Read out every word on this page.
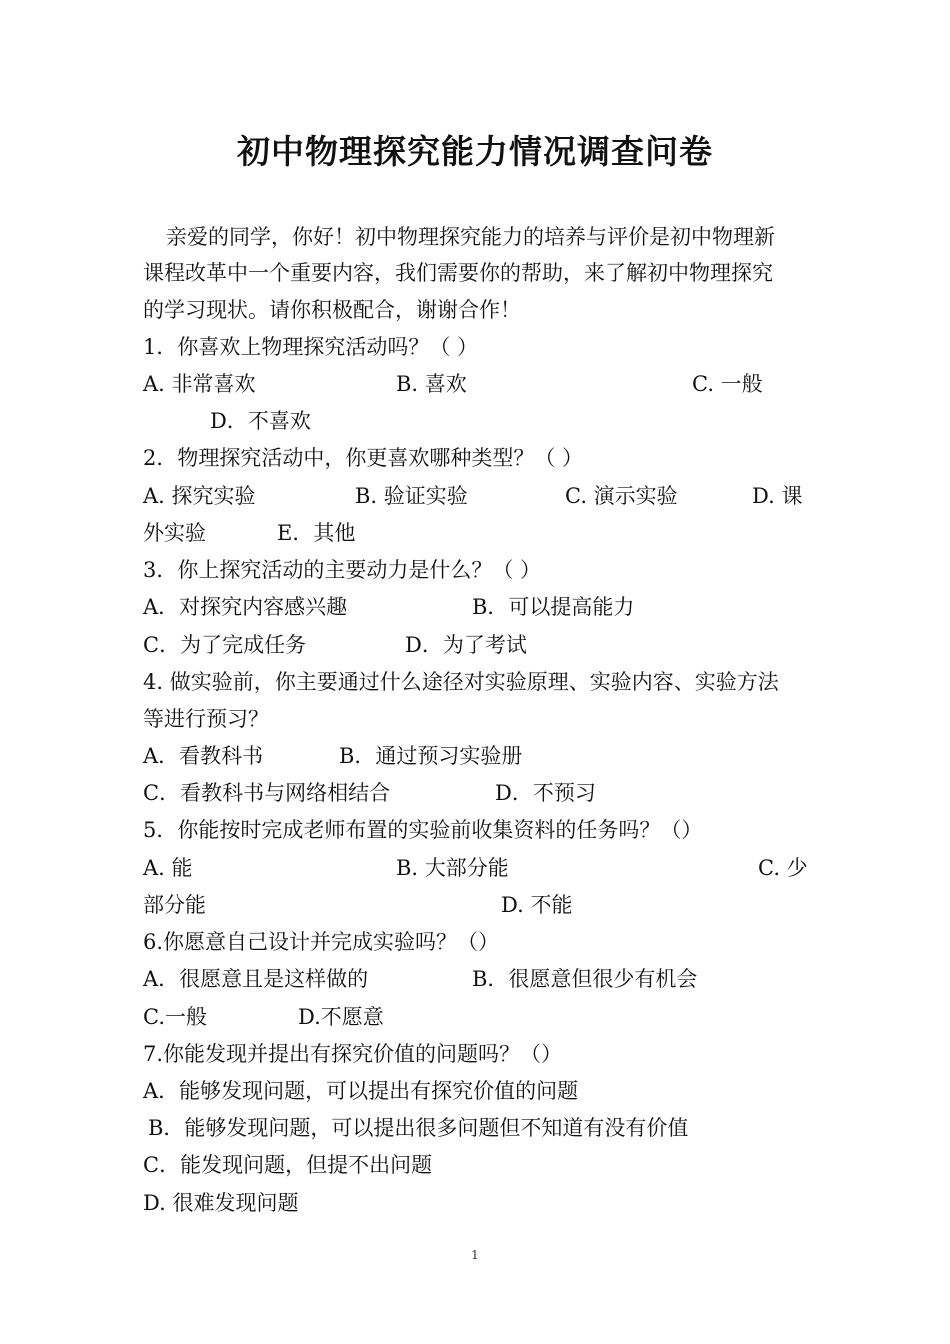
初中物理探究能力情况调查问卷
亲爱的同学，你好！初中物理探究能力的培养与评价是初中物理新
课程改革中一个重要内容，我们需要你的帮助，来了解初中物理探究
的学习现状。请你积极配合，谢谢合作！
1．你喜欢上物理探究活动吗？（ ）
A. 非常喜欢	B. 喜欢	C. 一般
D．不喜欢
2．物理探究活动中，你更喜欢哪种类型？（ ）
A. 探究实验	B. 验证实验	C. 演示实验	D. 课
外实验	E．其他
3．你上探究活动的主要动力是什么？（ ）
A．对探究内容感兴趣	B．可以提高能力
C．为了完成任务	D．为了考试
4. 做实验前，你主要通过什么途径对实验原理、实验内容、实验方法
等进行预习？
A．看教科书	B．通过预习实验册
C．看教科书与网络相结合	D．不预习
5．你能按时完成老师布置的实验前收集资料的任务吗？（）
A. 能	B. 大部分能	C. 少
部分能	D. 不能
6.你愿意自己设计并完成实验吗？（）
A．很愿意且是这样做的	B．很愿意但很少有机会
C.一般	D.不愿意
7.你能发现并提出有探究价值的问题吗？（）
A．能够发现问题，可以提出有探究价值的问题
B．能够发现问题，可以提出很多问题但不知道有没有价值
C．能发现问题，但提不出问题
D. 很难发现问题
1
